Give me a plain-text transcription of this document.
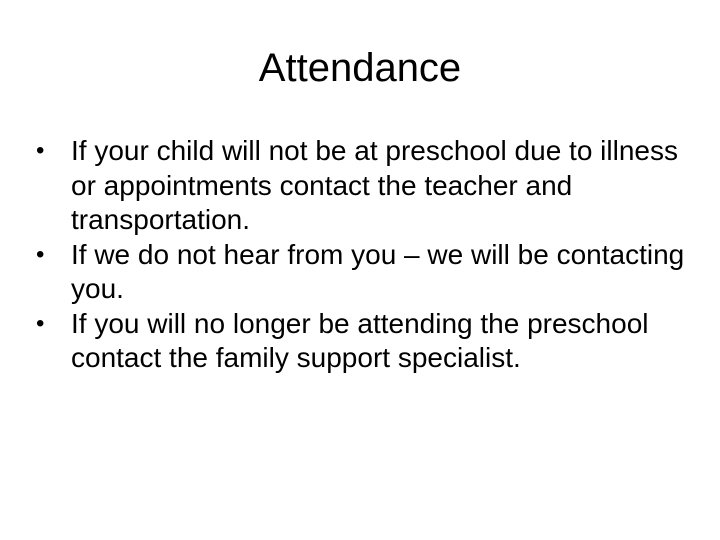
Attendance
• If your child will not be at preschool due to illness or appointments contact the teacher and transportation.
• If we do not hear from you – we will be contacting you.
• If you will no longer be attending the preschool contact the family support specialist.
